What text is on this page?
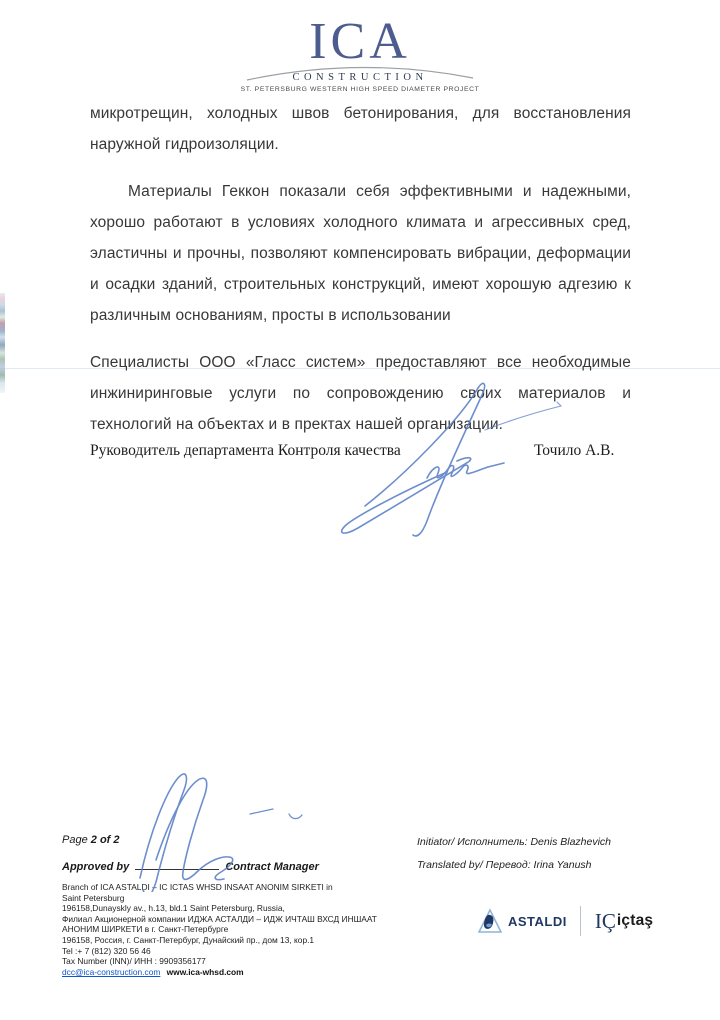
ICA
CONSTRUCTION
ST. PETERSBURG WESTERN HIGH SPEED DIAMETER PROJECT

микротрещин, холодных швов бетонирования, для восстановления наружной гидроизоляции.

Материалы Геккон показали себя эффективными и надежными, хорошо работают в условиях холодного климата и агрессивных сред, эластичны и прочны, позволяют компенсировать вибрации, деформации и осадки зданий, строительных конструкций, имеют хорошую адгезию к различным основаниям, просты в использовании

Специалисты ООО «Гласс систем» предоставляют все необходимые инжиниринговые услуги по сопровождению своих материалов и технологий на объектах и в пректах нашей организации.

Руководитель департамента Контроля качества	Точило А.В.
Page 2 of 2
Approved by	Contract Manager
Initiator/ Исполнитель: Denis Blazhevich
Translated by/ Перевод: Irina Yanush
Branch of ICA ASTALDI – IC ICTAS WHSD INSAAT ANONIM SIRKETI in
Saint Petersburg
196158,Dunayskly av., h.13, bld.1 Saint Petersburg, Russia,
Филиал Акционерной компании ИДЖА АСТАЛДИ – ИДЖ ИЧТАШ ВХСД ИНШААТ
АНОНИМ ШИРКЕТИ в г. Санкт-Петербурге
196158, Россия, г. Санкт-Петербург, Дунайский пр., дом 13, кор.1
Tel :+ 7 (812) 320 56 46
Tax Number (INN)/ ИНН : 9909356177
dcc@ica-construction.com www.ica-whsd.com
ASTALDI IÇ içtaş
